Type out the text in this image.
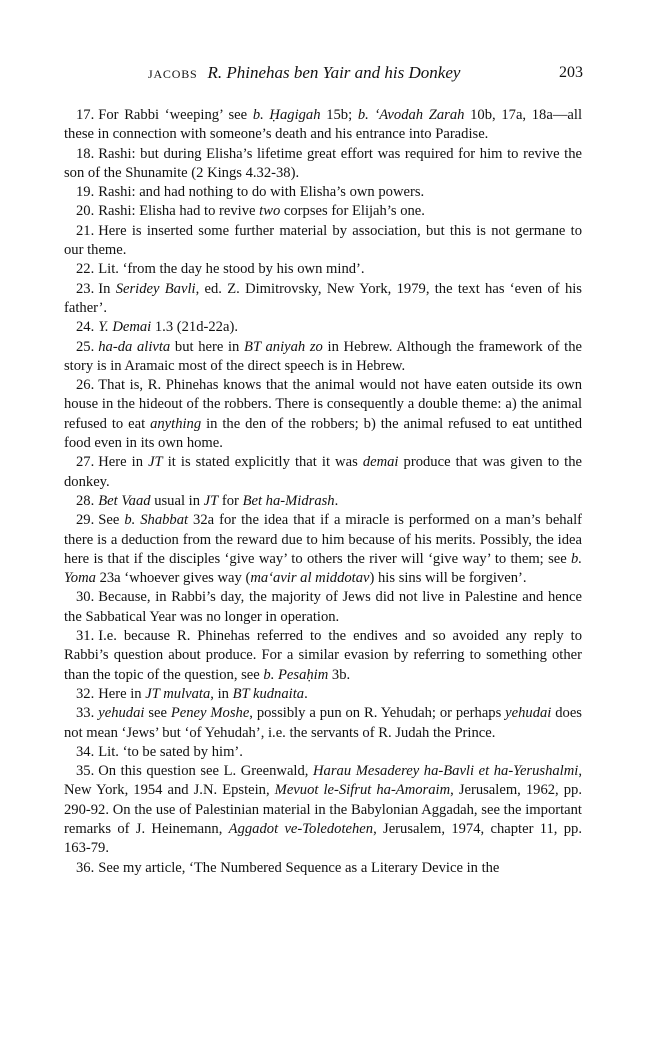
JACOBS R. Phinehas ben Yair and his Donkey	203

17. For Rabbi ‘weeping’ see b. Ḥagigah 15b; b. ‘Avodah Zarah 10b, 17a, 18a—all these in connection with someone’s death and his entrance into Paradise.

18. Rashi: but during Elisha’s lifetime great effort was required for him to revive the son of the Shunamite (2 Kings 4.32-38).

19. Rashi: and had nothing to do with Elisha’s own powers.

20. Rashi: Elisha had to revive two corpses for Elijah’s one.

21. Here is inserted some further material by association, but this is not germane to our theme.

22. Lit. ‘from the day he stood by his own mind’.

23. In Seridey Bavli, ed. Z. Dimitrovsky, New York, 1979, the text has ‘even of his father’.

24. Y. Demai 1.3 (21d-22a).

25. ha-da alivta but here in BT aniyah zo in Hebrew. Although the framework of the story is in Aramaic most of the direct speech is in Hebrew.

26. That is, R. Phinehas knows that the animal would not have eaten outside its own house in the hideout of the robbers. There is consequently a double theme: a) the animal refused to eat anything in the den of the robbers; b) the animal refused to eat untithed food even in its own home.

27. Here in JT it is stated explicitly that it was demai produce that was given to the donkey.

28. Bet Vaad usual in JT for Bet ha-Midrash.

29. See b. Shabbat 32a for the idea that if a miracle is performed on a man’s behalf there is a deduction from the reward due to him because of his merits. Possibly, the idea here is that if the disciples ‘give way’ to others the river will ‘give way’ to them; see b. Yoma 23a ‘whoever gives way (ma‘avir al middotav) his sins will be forgiven’.

30. Because, in Rabbi’s day, the majority of Jews did not live in Palestine and hence the Sabbatical Year was no longer in operation.

31. I.e. because R. Phinehas referred to the endives and so avoided any reply to Rabbi’s question about produce. For a similar evasion by referring to something other than the topic of the question, see b. Pesaḥim 3b.

32. Here in JT mulvata, in BT kudnaita.

33. yehudai see Peney Moshe, possibly a pun on R. Yehudah; or perhaps yehudai does not mean ‘Jews’ but ‘of Yehudah’, i.e. the servants of R. Judah the Prince.

34. Lit. ‘to be sated by him’.

35. On this question see L. Greenwald, Harau Mesaderey ha-Bavli et ha-Yerushalmi, New York, 1954 and J.N. Epstein, Mevuot le-Sifrut ha-Amoraim, Jerusalem, 1962, pp. 290-92. On the use of Palestinian material in the Babylonian Aggadah, see the important remarks of J. Heinemann, Aggadot ve-Toledotehen, Jerusalem, 1974, chapter 11, pp. 163-79.

36. See my article, ‘The Numbered Sequence as a Literary Device in the
